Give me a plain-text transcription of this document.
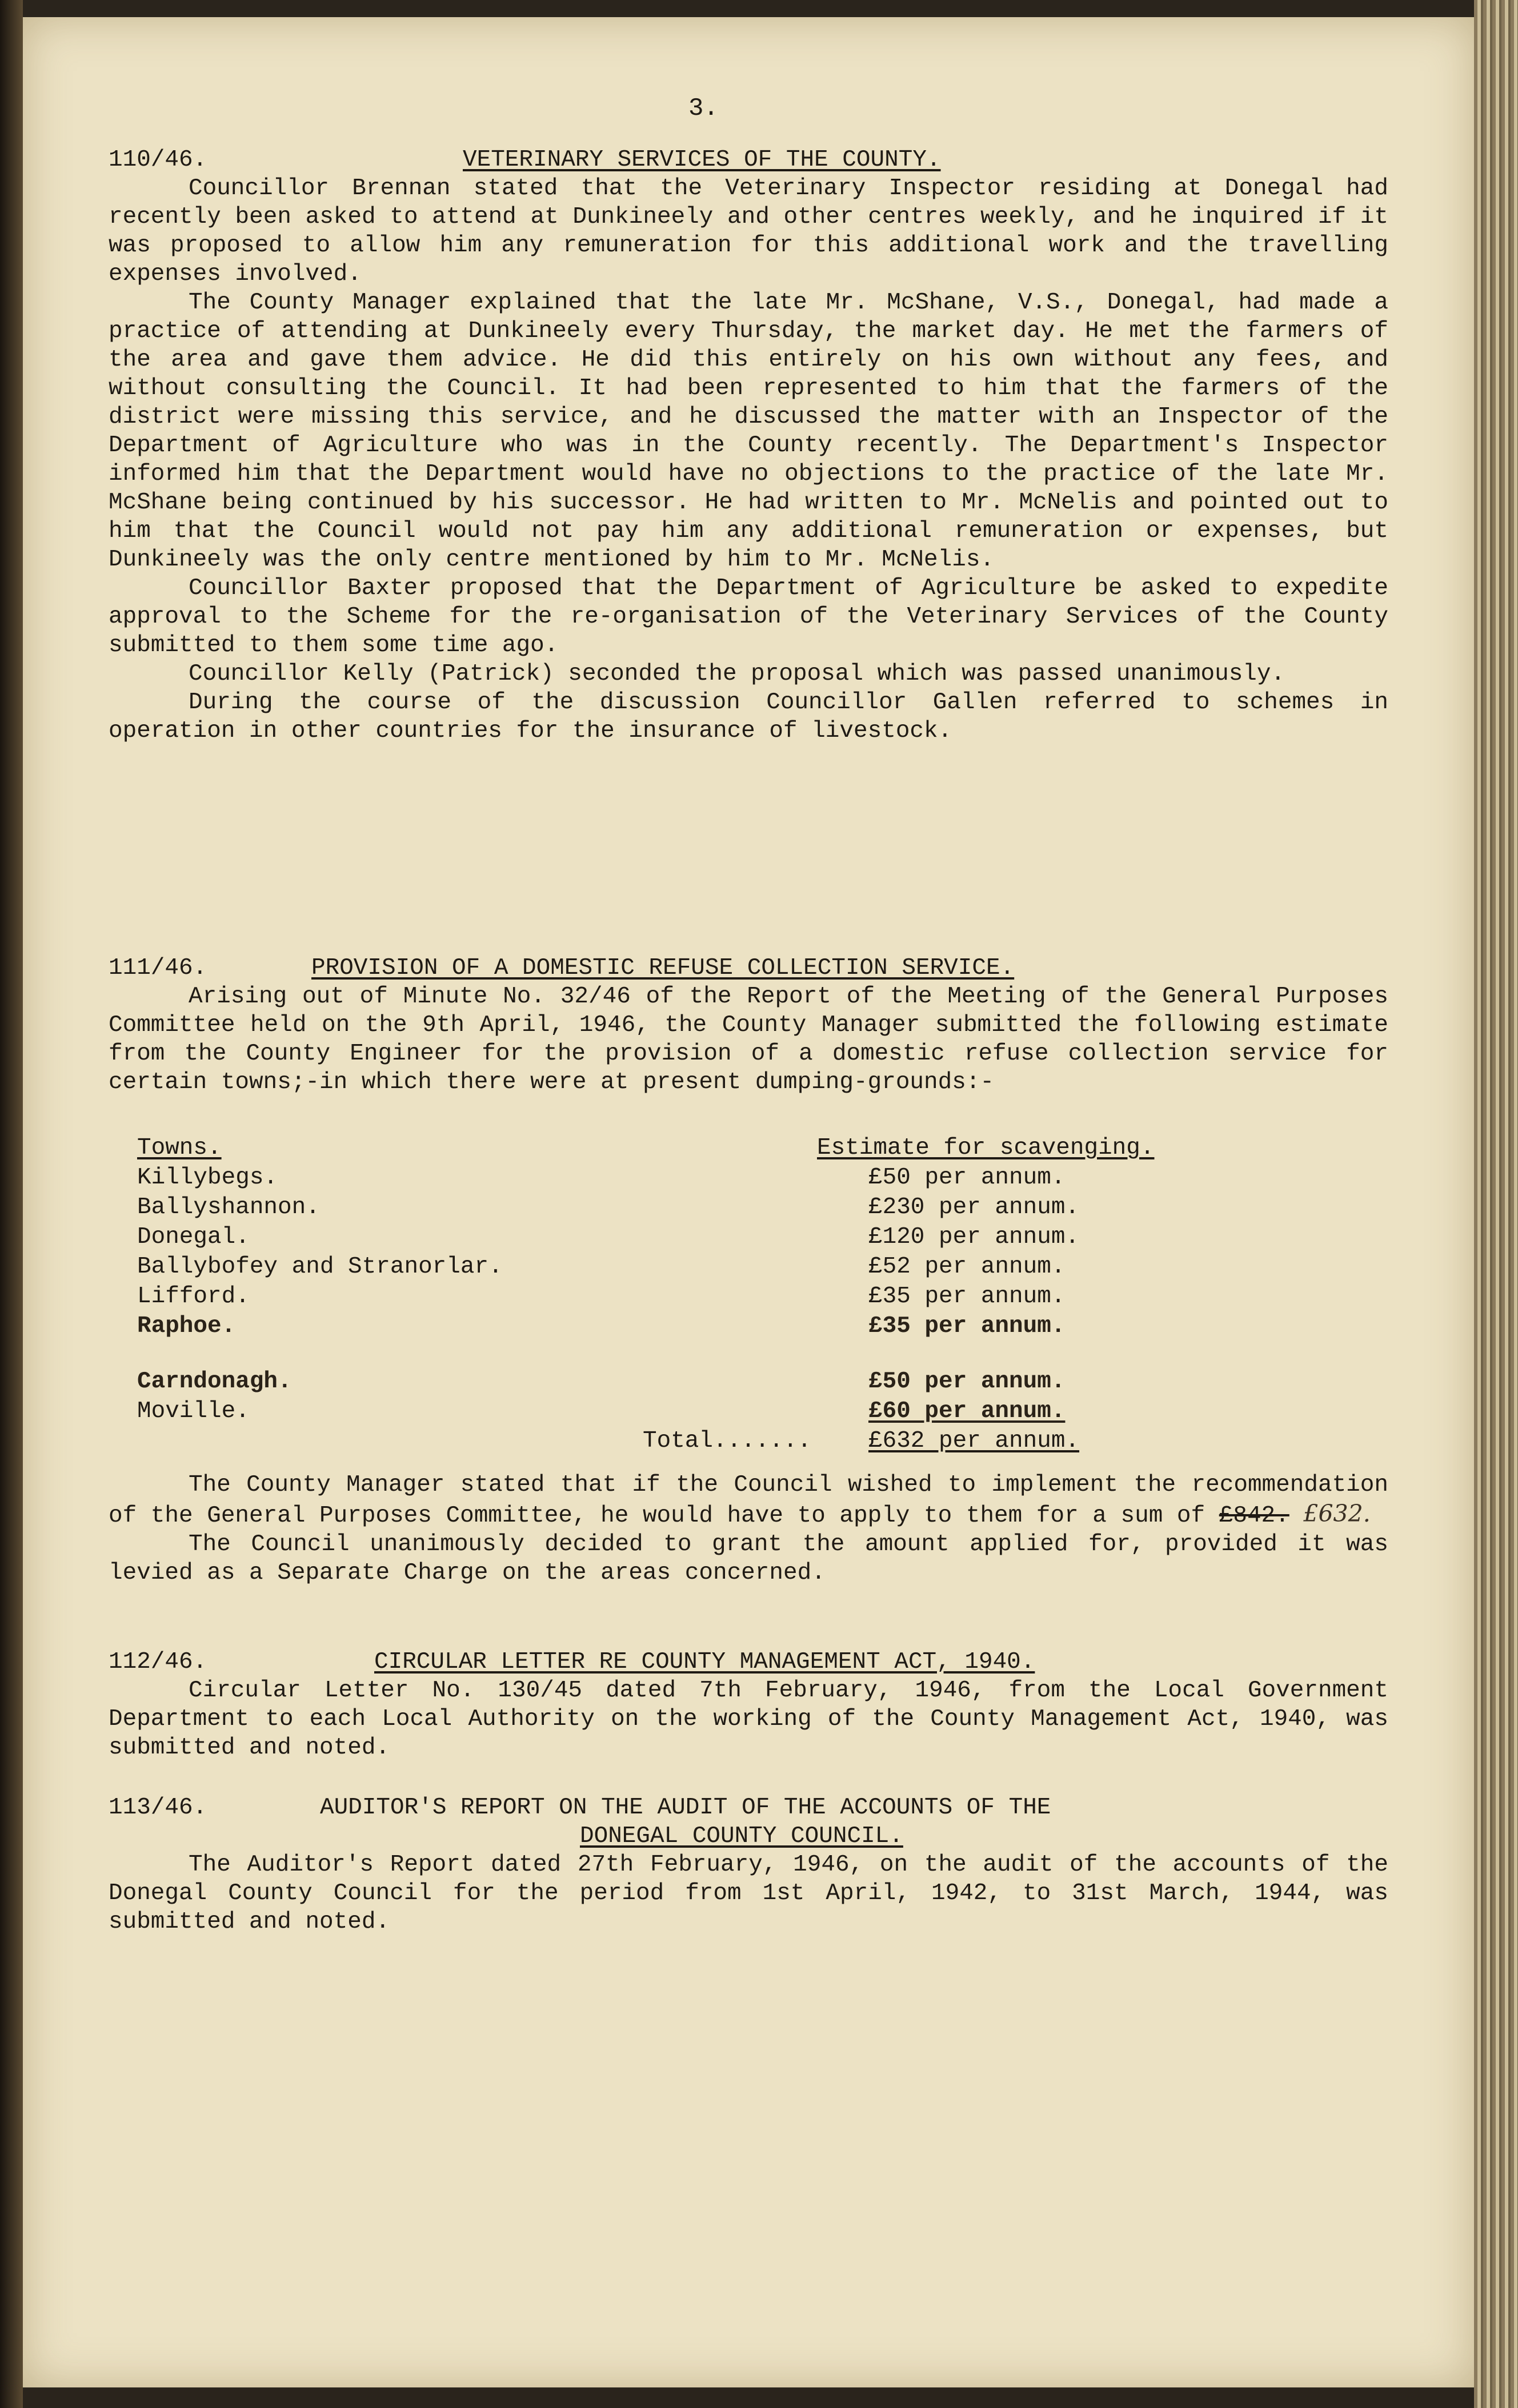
3.
110/46.	VETERINARY SERVICES OF THE COUNTY.

Councillor Brennan stated that the Veterinary Inspector residing at Donegal had recently been asked to attend at Dunkineely and other centres weekly, and he inquired if it was proposed to allow him any remuneration for this additional work and the travelling expenses involved.

The County Manager explained that the late Mr. McShane, V.S., Donegal, had made a practice of attending at Dunkineely every Thursday, the market day. He met the farmers of the area and gave them advice. He did this entirely on his own without any fees, and without consulting the Council. It had been represented to him that the farmers of the district were missing this service, and he discussed the matter with an Inspector of the Department of Agriculture who was in the County recently. The Department's Inspector informed him that the Department would have no objections to the practice of the late Mr. McShane being continued by his successor. He had written to Mr. McNelis and pointed out to him that the Council would not pay him any additional remuneration or expenses, but Dunkineely was the only centre mentioned by him to Mr. McNelis.

Councillor Baxter proposed that the Department of Agriculture be asked to expedite approval to the Scheme for the re-organisation of the Veterinary Services of the County submitted to them some time ago.

Councillor Kelly (Patrick) seconded the proposal which was passed unanimously.

During the course of the discussion Councillor Gallen referred to schemes in operation in other countries for the insurance of livestock.

111/46.	PROVISION OF A DOMESTIC REFUSE COLLECTION SERVICE.

Arising out of Minute No. 32/46 of the Report of the Meeting of the General Purposes Committee held on the 9th April, 1946, the County Manager submitted the following estimate from the County Engineer for the provision of a domestic refuse collection service for certain towns;-in which there were at present dumping-grounds:-

Towns.	Estimate for scavenging.
Killybegs.	£50 per annum.
Ballyshannon.	£230 per annum.
Donegal.	£120 per annum.
Ballybofey and Stranorlar.	£52 per annum.
Lifford.	£35 per annum.
Raphoe.	£35 per annum.
Carndonagh.	£50 per annum.
Moville.	£60 per annum.
Total....... £632 per annum.

The County Manager stated that if the Council wished to implement the recommendation of the General Purposes Committee, he would have to apply to them for a sum of £842. £632.

The Council unanimously decided to grant the amount applied for, provided it was levied as a Separate Charge on the areas concerned.

112/46.	CIRCULAR LETTER RE COUNTY MANAGEMENT ACT, 1940.

Circular Letter No. 130/45 dated 7th February, 1946, from the Local Government Department to each Local Authority on the working of the County Management Act, 1940, was submitted and noted.

113/46.	AUDITOR'S REPORT ON THE AUDIT OF THE ACCOUNTS OF THE
DONEGAL COUNTY COUNCIL.

The Auditor's Report dated 27th February, 1946, on the audit of the accounts of the Donegal County Council for the period from 1st April, 1942, to 31st March, 1944, was submitted and noted.
